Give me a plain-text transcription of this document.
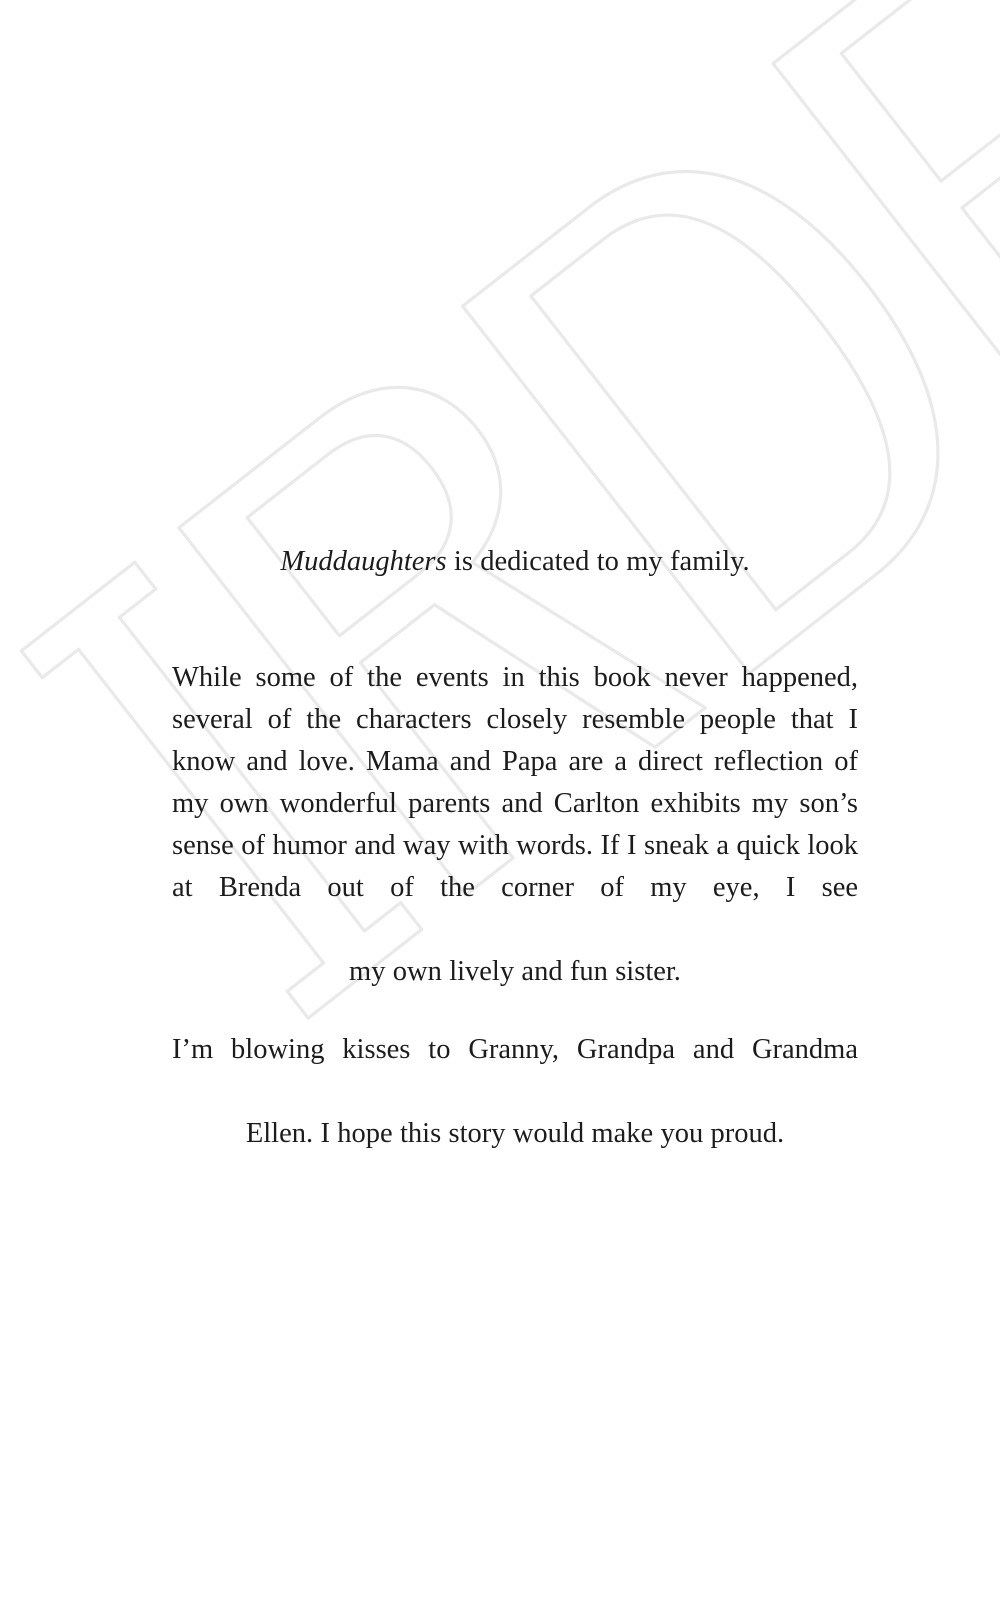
Muddaughters is dedicated to my family.

While some of the events in this book never happened, several of the characters closely resemble people that I know and love. Mama and Papa are a direct reflection of my own wonderful parents and Carlton exhibits my son’s sense of humor and way with words. If I sneak a quick look at Brenda out of the corner of my eye, I see
my own lively and fun sister.

I’m blowing kisses to Granny, Grandpa and Grandma
Ellen. I hope this story would make you proud.
